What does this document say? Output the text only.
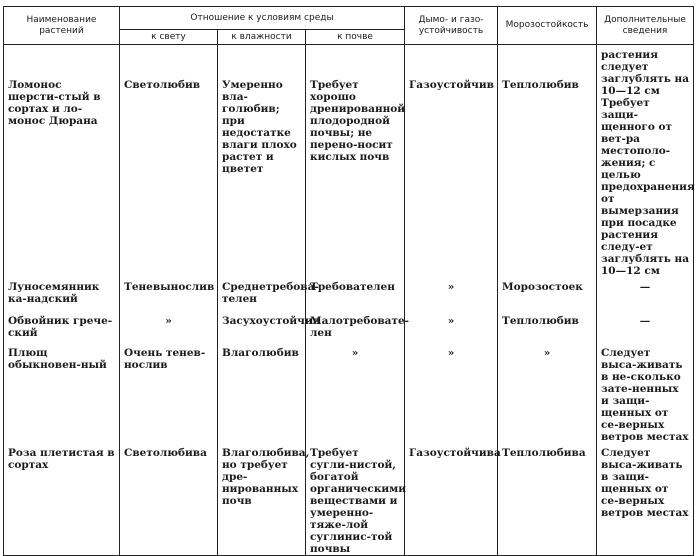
Наименование растений	Отношение к условиям среды			Дымо- и газо- устойчивость	Морозостойкость	Дополнительные сведения
	к свету	к влажности	к почве			
Ломонос шерсти-стый в сортах и ло-монос Дюрана	Светолюбив	Умеренно вла-голюбив; при недостатке влаги плохо растет и цветет	Требует хорошо дренированной плодородной почвы; не перено-носит кислых почв	Газоустойчив	Теплолюбив	растения следует заглублять на 10—12 см Требует защи-щенного от вет-ра местополо-жения; с целью предохранения от вымерзания при посадке растения следу-ет заглублять на 10—12 см
Луносемянник ка-надский	Теневынослив	Среднетребова-телен	Требователен	»	Морозостоек	—
Обвойник грече-ский	»	Засухоустойчив	Малотребовате-лен	»	Теплолюбив	—
Плющ обыкновен-ный	Очень тенев-нослив	Влаголюбив	»	»	»	Следует выса-живать в не-сколько зате-ненных и защи-щенных от се-верных ветров местах
Роза плетистая в сортах	Светолюбива	Влаголюбива, но требует дре-нированных почв	Требует сугли-нистой, богатой органическими веществами и умеренно-тяже-лой суглинис-той почвы	Газоустойчива	Теплолюбива	Следует выса-живать в защи-щенных от се-верных ветров местах
